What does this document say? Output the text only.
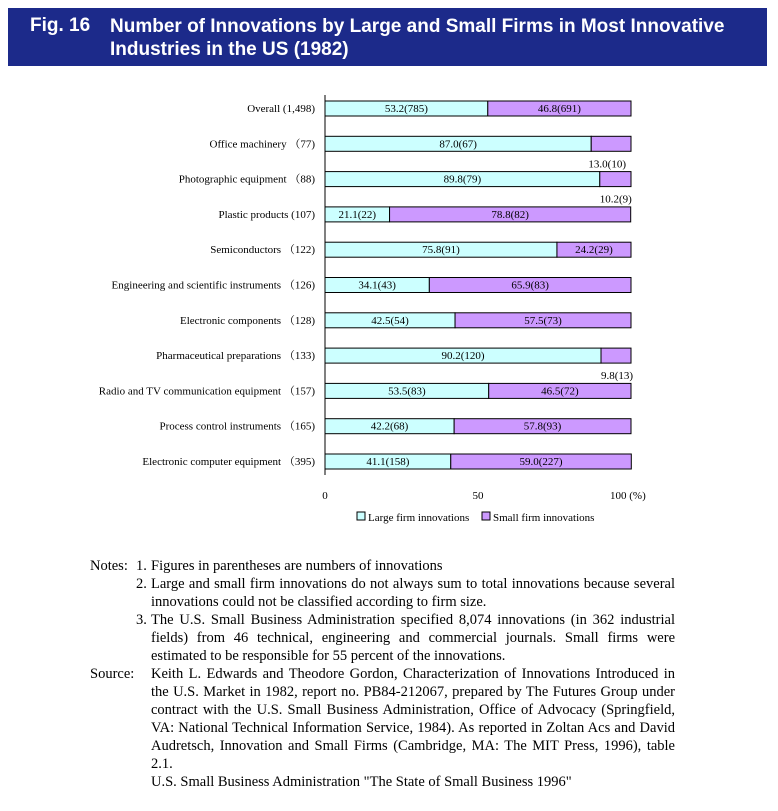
Fig. 16 Number of Innovations by Large and Small Firms in Most Innovative Industries in the US (1982)
Overall (1,498)	53.2(785)	46.8(691)
Office machinery （77)	87.0(67)
13.0(10)
Photographic equipment （88)	89.8(79)
10.2(9)
Plastic products (107) 21.1(22)	78.8(82)
Semiconductors （122)	75.8(91)	24.2(29)
Engineering and scientific instruments （126)	34.1(43)	65.9(83)
Electronic components （128)	42.5(54)	57.5(73)
Pharmaceutical preparations （133)	90.2(120)
9.8(13)
Radio and TV communication equipment （157)	53.5(83)	46.5(72)
Process control instruments （165)	42.2(68)	57.8(93)
Electronic computer equipment （395)	41.1(158)	59.0(227)
0	50	100 (%)
Large firm innovations Small firm innovations
Notes: 1. Figures in parentheses are numbers of innovations
2. Large and small firm innovations do not always sum to total innovations because several innovations could not be classified according to firm size.
3. The U.S. Small Business Administration specified 8,074 innovations (in 362 industrial fields) from 46 technical, engineering and commercial journals. Small firms were estimated to be responsible for 55 percent of the innovations.
Source:	Keith L. Edwards and Theodore Gordon, Characterization of Innovations Introduced in the U.S. Market in 1982, report no. PB84-212067, prepared by The Futures Group under contract with the U.S. Small Business Administration, Office of Advocacy (Springfield, VA: National Technical Information Service, 1984). As reported in Zoltan Acs and David Audretsch, Innovation and Small Firms (Cambridge, MA: The MIT Press, 1996), table 2.1.
U.S. Small Business Administration "The State of Small Business 1996"
